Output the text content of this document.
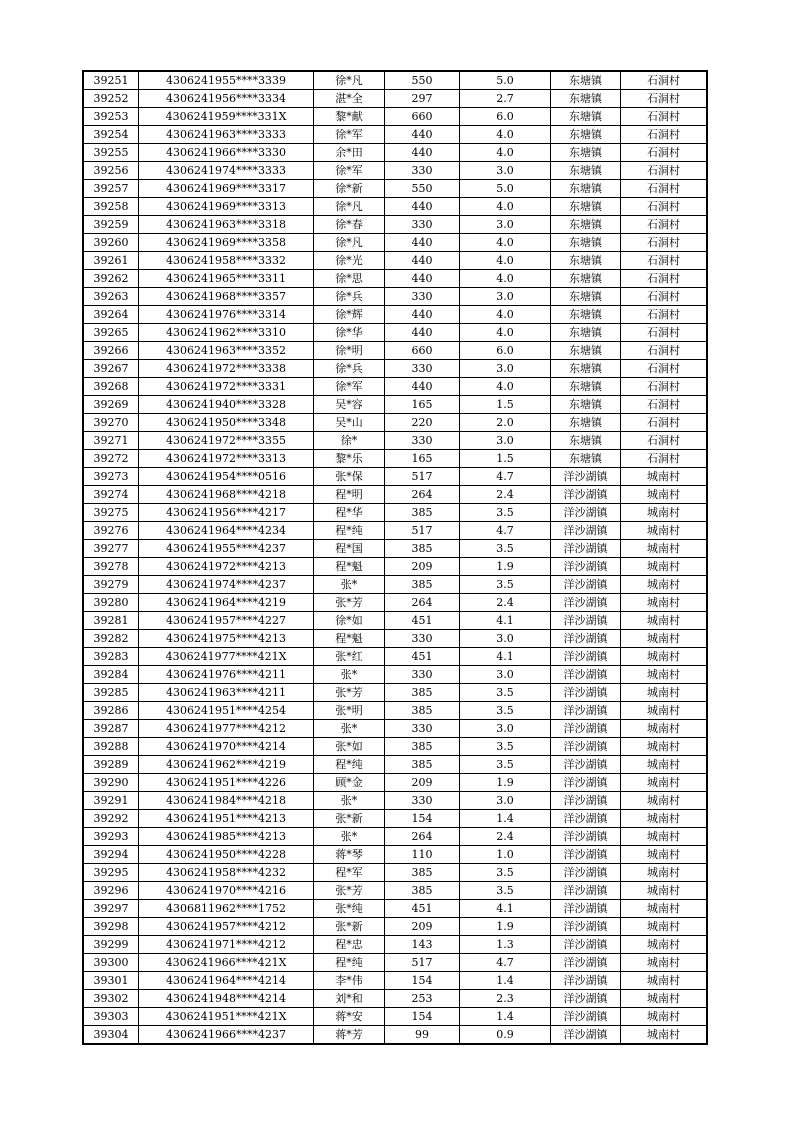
39251	4306241955****3339	徐*凡	550	5.0	东塘镇	石洞村
39252	4306241956****3334	湛*全	297	2.7	东塘镇	石洞村
39253	4306241959****331X	黎*献	660	6.0	东塘镇	石洞村
39254	4306241963****3333	徐*军	440	4.0	东塘镇	石洞村
39255	4306241966****3330	余*田	440	4.0	东塘镇	石洞村
39256	4306241974****3333	徐*军	330	3.0	东塘镇	石洞村
39257	4306241969****3317	徐*新	550	5.0	东塘镇	石洞村
39258	4306241969****3313	徐*凡	440	4.0	东塘镇	石洞村
39259	4306241963****3318	徐*春	330	3.0	东塘镇	石洞村
39260	4306241969****3358	徐*凡	440	4.0	东塘镇	石洞村
39261	4306241958****3332	徐*光	440	4.0	东塘镇	石洞村
39262	4306241965****3311	徐*思	440	4.0	东塘镇	石洞村
39263	4306241968****3357	徐*兵	330	3.0	东塘镇	石洞村
39264	4306241976****3314	徐*辉	440	4.0	东塘镇	石洞村
39265	4306241962****3310	徐*华	440	4.0	东塘镇	石洞村
39266	4306241963****3352	徐*明	660	6.0	东塘镇	石洞村
39267	4306241972****3338	徐*兵	330	3.0	东塘镇	石洞村
39268	4306241972****3331	徐*军	440	4.0	东塘镇	石洞村
39269	4306241940****3328	吴*容	165	1.5	东塘镇	石洞村
39270	4306241950****3348	吴*山	220	2.0	东塘镇	石洞村
39271	4306241972****3355	徐*	330	3.0	东塘镇	石洞村
39272	4306241972****3313	黎*乐	165	1.5	东塘镇	石洞村
39273	4306241954****0516	张*保	517	4.7	洋沙湖镇	城南村
39274	4306241968****4218	程*明	264	2.4	洋沙湖镇	城南村
39275	4306241956****4217	程*华	385	3.5	洋沙湖镇	城南村
39276	4306241964****4234	程*纯	517	4.7	洋沙湖镇	城南村
39277	4306241955****4237	程*国	385	3.5	洋沙湖镇	城南村
39278	4306241972****4213	程*魁	209	1.9	洋沙湖镇	城南村
39279	4306241974****4237	张*	385	3.5	洋沙湖镇	城南村
39280	4306241964****4219	张*芳	264	2.4	洋沙湖镇	城南村
39281	4306241957****4227	徐*如	451	4.1	洋沙湖镇	城南村
39282	4306241975****4213	程*魁	330	3.0	洋沙湖镇	城南村
39283	4306241977****421X	张*红	451	4.1	洋沙湖镇	城南村
39284	4306241976****4211	张*	330	3.0	洋沙湖镇	城南村
39285	4306241963****4211	张*芳	385	3.5	洋沙湖镇	城南村
39286	4306241951****4254	张*明	385	3.5	洋沙湖镇	城南村
39287	4306241977****4212	张*	330	3.0	洋沙湖镇	城南村
39288	4306241970****4214	张*如	385	3.5	洋沙湖镇	城南村
39289	4306241962****4219	程*纯	385	3.5	洋沙湖镇	城南村
39290	4306241951****4226	顾*金	209	1.9	洋沙湖镇	城南村
39291	4306241984****4218	张*	330	3.0	洋沙湖镇	城南村
39292	4306241951****4213	张*新	154	1.4	洋沙湖镇	城南村
39293	4306241985****4213	张*	264	2.4	洋沙湖镇	城南村
39294	4306241950****4228	蒋*琴	110	1.0	洋沙湖镇	城南村
39295	4306241958****4232	程*军	385	3.5	洋沙湖镇	城南村
39296	4306241970****4216	张*芳	385	3.5	洋沙湖镇	城南村
39297	4306811962****1752	张*纯	451	4.1	洋沙湖镇	城南村
39298	4306241957****4212	张*新	209	1.9	洋沙湖镇	城南村
39299	4306241971****4212	程*忠	143	1.3	洋沙湖镇	城南村
39300	4306241966****421X	程*纯	517	4.7	洋沙湖镇	城南村
39301	4306241964****4214	李*伟	154	1.4	洋沙湖镇	城南村
39302	4306241948****4214	刘*和	253	2.3	洋沙湖镇	城南村
39303	4306241951****421X	蒋*安	154	1.4	洋沙湖镇	城南村
39304	4306241966****4237	蒋*芳	99	0.9	洋沙湖镇	城南村
